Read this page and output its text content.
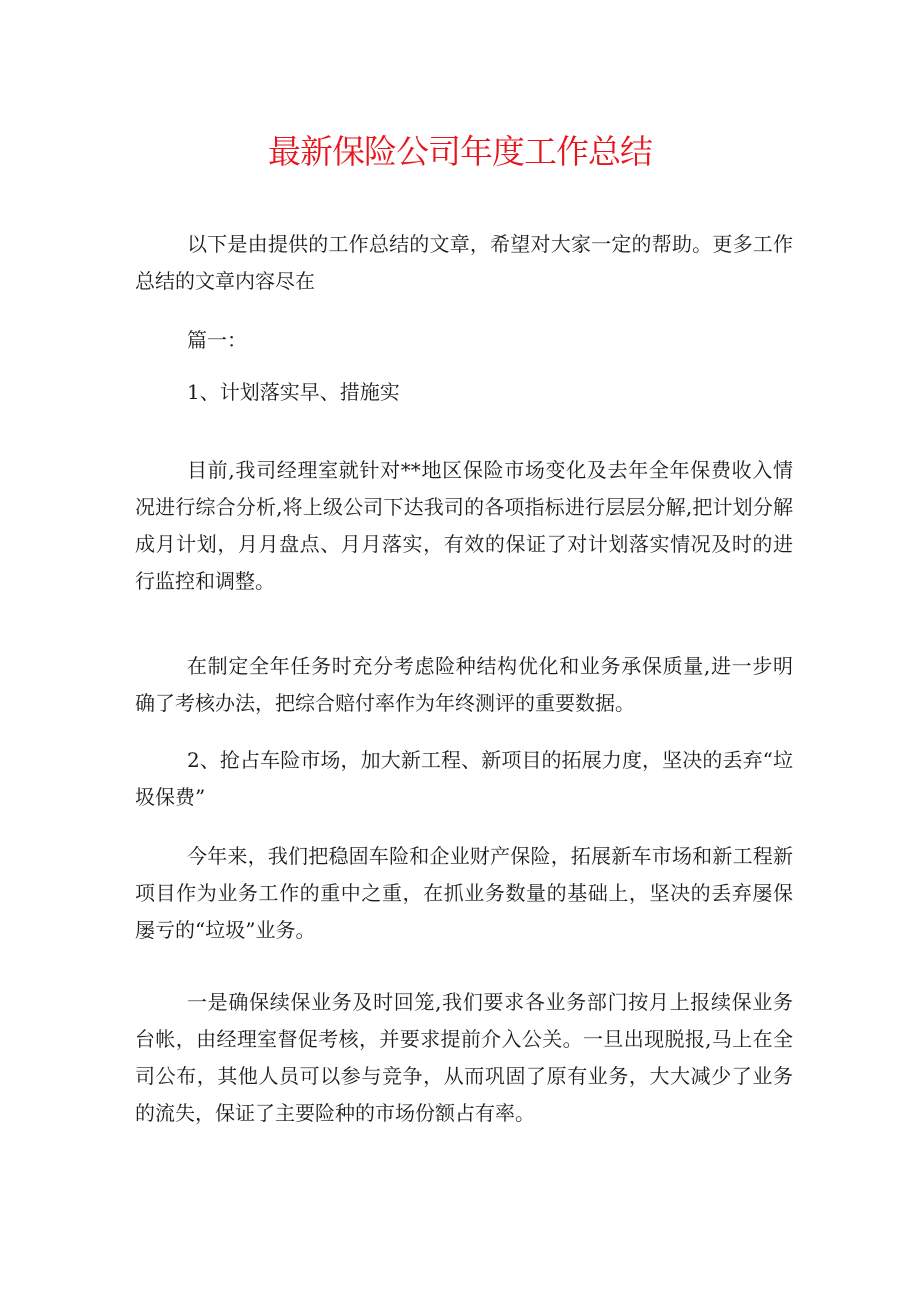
最新保险公司年度工作总结

以下是由提供的工作总结的文章，希望对大家一定的帮助。更多工作总结的文章内容尽在

篇一：

1、计划落实早、措施实

目前,我司经理室就针对**地区保险市场变化及去年全年保费收入情况进行综合分析,将上级公司下达我司的各项指标进行层层分解,把计划分解成月计划，月月盘点、月月落实，有效的保证了对计划落实情况及时的进行监控和调整。

在制定全年任务时充分考虑险种结构优化和业务承保质量,进一步明确了考核办法，把综合赔付率作为年终测评的重要数据。

2、抢占车险市场，加大新工程、新项目的拓展力度，坚决的丢弃“垃圾保费”

今年来，我们把稳固车险和企业财产保险，拓展新车市场和新工程新项目作为业务工作的重中之重，在抓业务数量的基础上，坚决的丢弃屡保屡亏的“垃圾”业务。

一是确保续保业务及时回笼,我们要求各业务部门按月上报续保业务台帐，由经理室督促考核，并要求提前介入公关。一旦出现脱报,马上在全司公布，其他人员可以参与竞争，从而巩固了原有业务，大大减少了业务的流失，保证了主要险种的市场份额占有率。
